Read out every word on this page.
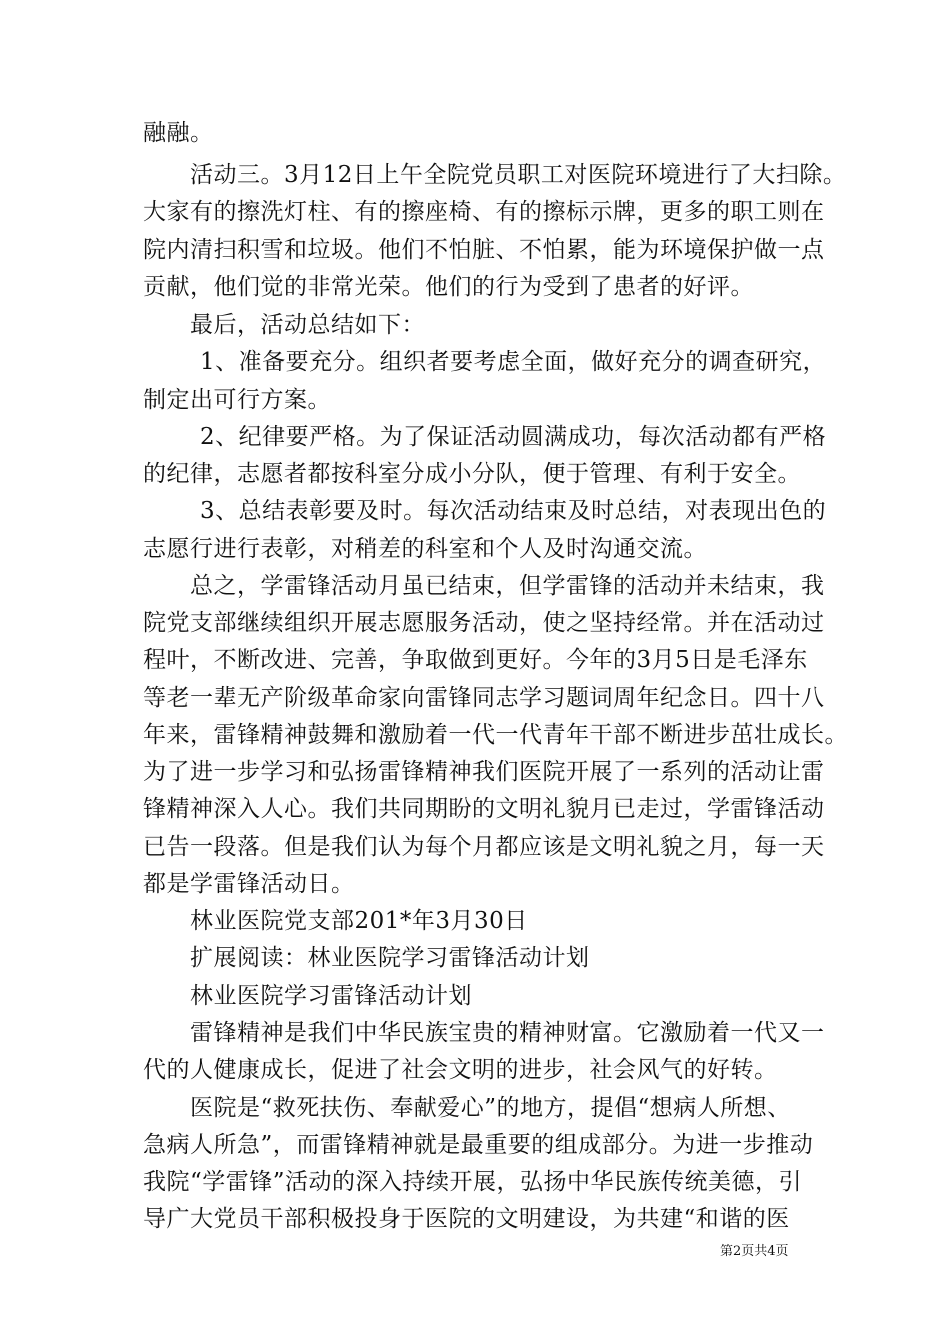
融融。
活动三。3月12日上午全院党员职工对医院环境进行了大扫除。
大家有的擦洗灯柱、有的擦座椅、有的擦标示牌，更多的职工则在
院内清扫积雪和垃圾。他们不怕脏、不怕累，能为环境保护做一点
贡献，他们觉的非常光荣。他们的行为受到了患者的好评。
最后，活动总结如下：
1、准备要充分。组织者要考虑全面，做好充分的调查研究，
制定出可行方案。
2、纪律要严格。为了保证活动圆满成功，每次活动都有严格
的纪律，志愿者都按科室分成小分队，便于管理、有利于安全。
3、总结表彰要及时。每次活动结束及时总结，对表现出色的
志愿行进行表彰，对稍差的科室和个人及时沟通交流。
总之，学雷锋活动月虽已结束，但学雷锋的活动并未结束，我
院党支部继续组织开展志愿服务活动，使之坚持经常。并在活动过
程叶，不断改进、完善，争取做到更好。今年的3月5日是毛泽东
等老一辈无产阶级革命家向雷锋同志学习题词周年纪念日。四十八
年来，雷锋精神鼓舞和激励着一代一代青年干部不断进步茁壮成长。
为了进一步学习和弘扬雷锋精神我们医院开展了一系列的活动让雷
锋精神深入人心。我们共同期盼的文明礼貌月已走过，学雷锋活动
已告一段落。但是我们认为每个月都应该是文明礼貌之月，每一天
都是学雷锋活动日。
林业医院党支部201*年3月30日
扩展阅读：林业医院学习雷锋活动计划
林业医院学习雷锋活动计划
雷锋精神是我们中华民族宝贵的精神财富。它激励着一代又一
代的人健康成长，促进了社会文明的进步，社会风气的好转。
医院是“救死扶伤、奉献爱心”的地方，提倡“想病人所想、
急病人所急”，而雷锋精神就是最重要的组成部分。为进一步推动
我院“学雷锋”活动的深入持续开展，弘扬中华民族传统美德，引
导广大党员干部积极投身于医院的文明建设，为共建“和谐的医
第2页共4页
